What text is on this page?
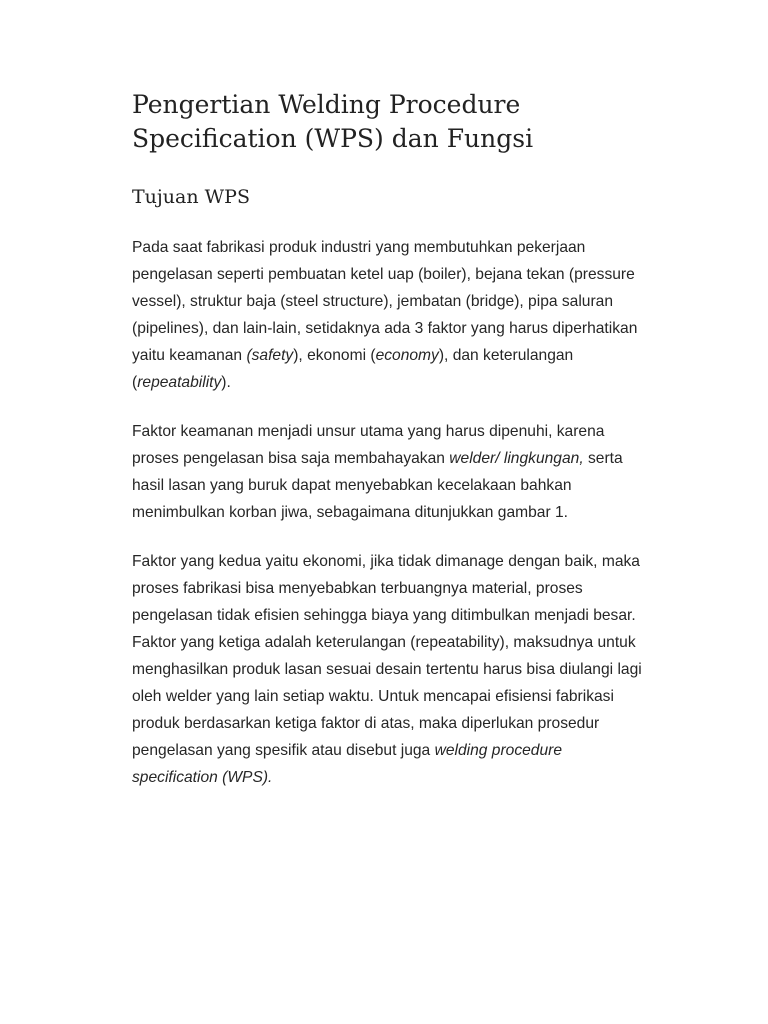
Pengertian Welding Procedure Specification (WPS) dan Fungsi
Tujuan WPS

Pada saat fabrikasi produk industri yang membutuhkan pekerjaan pengelasan seperti pembuatan ketel uap (boiler), bejana tekan (pressure vessel), struktur baja (steel structure), jembatan (bridge), pipa saluran (pipelines), dan lain-lain, setidaknya ada 3 faktor yang harus diperhatikan yaitu keamanan (safety), ekonomi (economy), dan keterulangan (repeatability).

Faktor keamanan menjadi unsur utama yang harus dipenuhi, karena proses pengelasan bisa saja membahayakan welder/ lingkungan, serta hasil lasan yang buruk dapat menyebabkan kecelakaan bahkan menimbulkan korban jiwa, sebagaimana ditunjukkan gambar 1.

Faktor yang kedua yaitu ekonomi, jika tidak dimanage dengan baik, maka proses fabrikasi bisa menyebabkan terbuangnya material, proses pengelasan tidak efisien sehingga biaya yang ditimbulkan menjadi besar. Faktor yang ketiga adalah keterulangan (repeatability), maksudnya untuk menghasilkan produk lasan sesuai desain tertentu harus bisa diulangi lagi oleh welder yang lain setiap waktu. Untuk mencapai efisiensi fabrikasi produk berdasarkan ketiga faktor di atas, maka diperlukan prosedur pengelasan yang spesifik atau disebut juga welding procedure specification (WPS).
